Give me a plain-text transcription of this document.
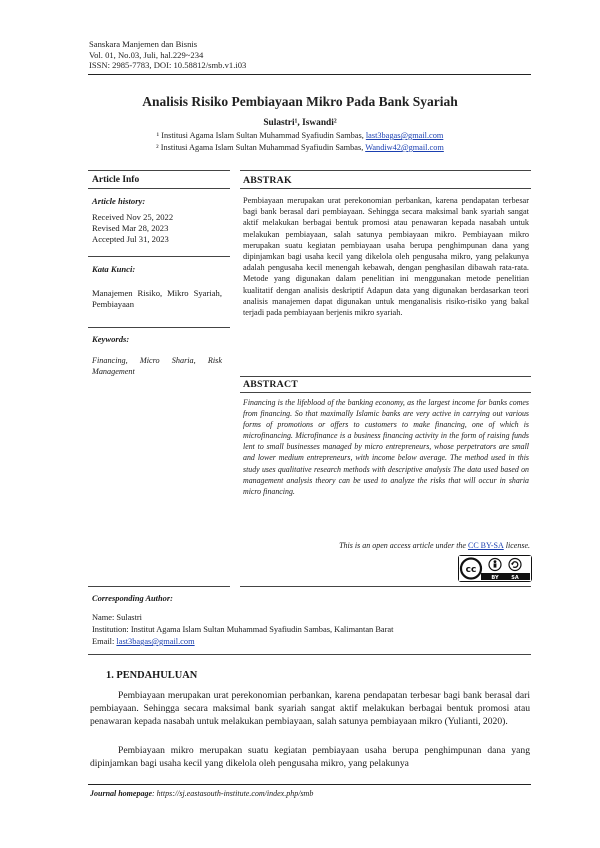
Sanskara Manjemen dan Bisnis
Vol. 01, No.03, Juli, hal.229~234
ISSN: 2985-7783, DOI: 10.58812/smb.v1.i03
Analisis Risiko Pembiayaan Mikro Pada Bank Syariah
Sulastri¹, Iswandi²
¹ Institusi Agama Islam Sultan Muhammad Syafiudin Sambas, last3bagas@gmail.com
² Institusi Agama Islam Sultan Muhammad Syafiudin Sambas, Wandiw42@gmail.com
Article Info
Article history:
Received Nov 25, 2022
Revised Mar 28, 2023
Accepted Jul 31, 2023
Kata Kunci:
Manajemen Risiko, Mikro Syariah, Pembiayaan
Keywords:
Financing, Micro Sharia, Risk Management
ABSTRAK
Pembiayaan merupakan urat perekonomian perbankan, karena pendapatan terbesar bagi bank berasal dari pembiayaan. Sehingga secara maksimal bank syariah sangat aktif melakukan berbagai bentuk promosi atau penawaran kepada nasabah untuk melakukan pembiayaan, salah satunya pembiayaan mikro. Pembiayaan mikro merupakan suatu kegiatan pembiayaan usaha berupa penghimpunan dana yang dipinjamkan bagi usaha kecil yang dikelola oleh pengusaha mikro, yang pelakunya adalah pengusaha kecil menengah kebawah, dengan penghasilan dibawah rata-rata. Metode yang digunakan dalam penelitian ini menggunakan metode penelitian kualitatif dengan analisis deskriptif Adapun data yang digunakan berdasarkan teori analisis manajemen dapat digunakan untuk menganalisis risiko-risiko yang bakal terjadi pada pembiayaan berjenis mikro syariah.
ABSTRACT
Financing is the lifeblood of the banking economy, as the largest income for banks comes from financing. So that maximally Islamic banks are very active in carrying out various forms of promotions or offers to customers to make financing, one of which is microfinancing. Microfinance is a business financing activity in the form of raising funds lent to small businesses managed by micro entrepreneurs, whose perpetrators are small and lower medium entrepreneurs, with income below average. The method used in this study uses qualitative research methods with descriptive analysis The data used based on management analysis theory can be used to analyze the risks that will occur in sharia micro financing.
This is an open access article under the CC BY-SA license.
cc
BY	SA
Corresponding Author:
Name: Sulastri
Institution: Institut Agama Islam Sultan Muhammad Syafiudin Sambas, Kalimantan Barat
Email: last3bagas@gmail.com
1. PENDAHULUAN
Pembiayaan merupakan urat perekonomian perbankan, karena pendapatan terbesar bagi bank berasal dari pembiayaan. Sehingga secara maksimal bank syariah sangat aktif melakukan berbagai bentuk promosi atau penawaran kepada nasabah untuk melakukan pembiayaan, salah satunya pembiayaan mikro (Yulianti, 2020).
Pembiayaan mikro merupakan suatu kegiatan pembiayaan usaha berupa penghimpunan dana yang dipinjamkan bagi usaha kecil yang dikelola oleh pengusaha mikro, yang pelakunya
Journal homepage: https://sj.eastasouth-institute.com/index.php/smb
